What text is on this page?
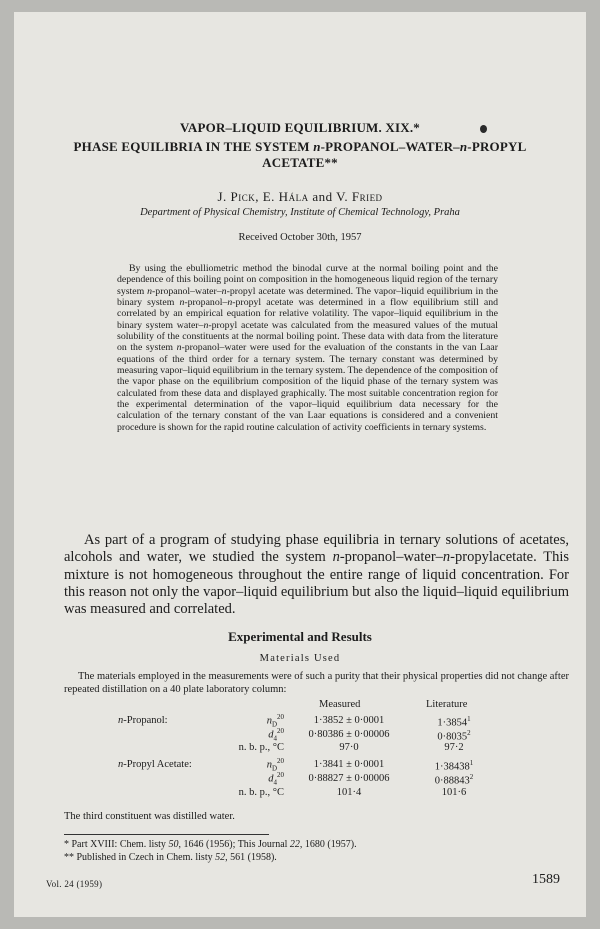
VAPOR–LIQUID EQUILIBRIUM. XIX.*
PHASE EQUILIBRIA IN THE SYSTEM n-PROPANOL–WATER–n-PROPYL
ACETATE**
J. Pick, E. Hála and V. Fried
Department of Physical Chemistry, Institute of Chemical Technology, Praha
Received October 30th, 1957

By using the ebulliometric method the binodal curve at the normal boiling point and the dependence of this boiling point on composition in the homogeneous liquid region of the ternary system n-propanol–water–n-propyl acetate was determined. The vapor–liquid equilibrium in the binary system n-propanol–n-propyl acetate was determined in a flow equilibrium still and correlated by an empirical equation for relative volatility. The vapor–liquid equilibrium in the binary system water–n-propyl acetate was calculated from the measured values of the mutual solubility of the constituents at the normal boiling point. These data with data from the literature on the system n-propanol–water were used for the evaluation of the constants in the van Laar equations of the third order for a ternary system. The ternary constant was determined by measuring vapor–liquid equilibrium in the ternary system. The dependence of the composition of the vapor phase on the equilibrium composition of the liquid phase of the ternary system was calculated from these data and displayed graphically. The most suitable concentration region for the experimental determination of the vapor–liquid equilibrium data necessary for the calculation of the ternary constant of the van Laar equations is considered and a convenient procedure is shown for the rapid routine calculation of activity coefficients in ternary systems.

As part of a program of studying phase equilibria in ternary solutions of acetates, alcohols and water, we studied the system n-propanol–water–n-propylacetate. This mixture is not homogeneous throughout the entire range of liquid concentration. For this reason not only the vapor–liquid equilibrium but also the liquid–liquid equilibrium was measured and correlated.

Experimental and Results
Materials Used

The materials employed in the measurements were of such a purity that their physical properties did not change after repeated distillation on a 40 plate laboratory column:

Measured	Literature
n-Propanol:	$n_D^{20}$	1·3852 ± 0·0001	$1\cdot 3854^1$
$d_4^{20}$	0·80386 ± 0·00006	$0\cdot 8035^2$
n. b. p., °C	97·0	97·2
n-Propyl Acetate:	$n_D^{20}$	1·3841 ± 0·0001	$1\cdot 38438^1$
$d_4^{20}$	0·88827 ± 0·00006	$0\cdot 88843^2$
n. b. p., °C	101·4	101·6
The third constituent was distilled water.
* Part XVIII: Chem. listy 50, 1646 (1956); This Journal 22, 1680 (1957).
** Published in Czech in Chem. listy 52, 561 (1958).
Vol. 24 (1959)	1589
